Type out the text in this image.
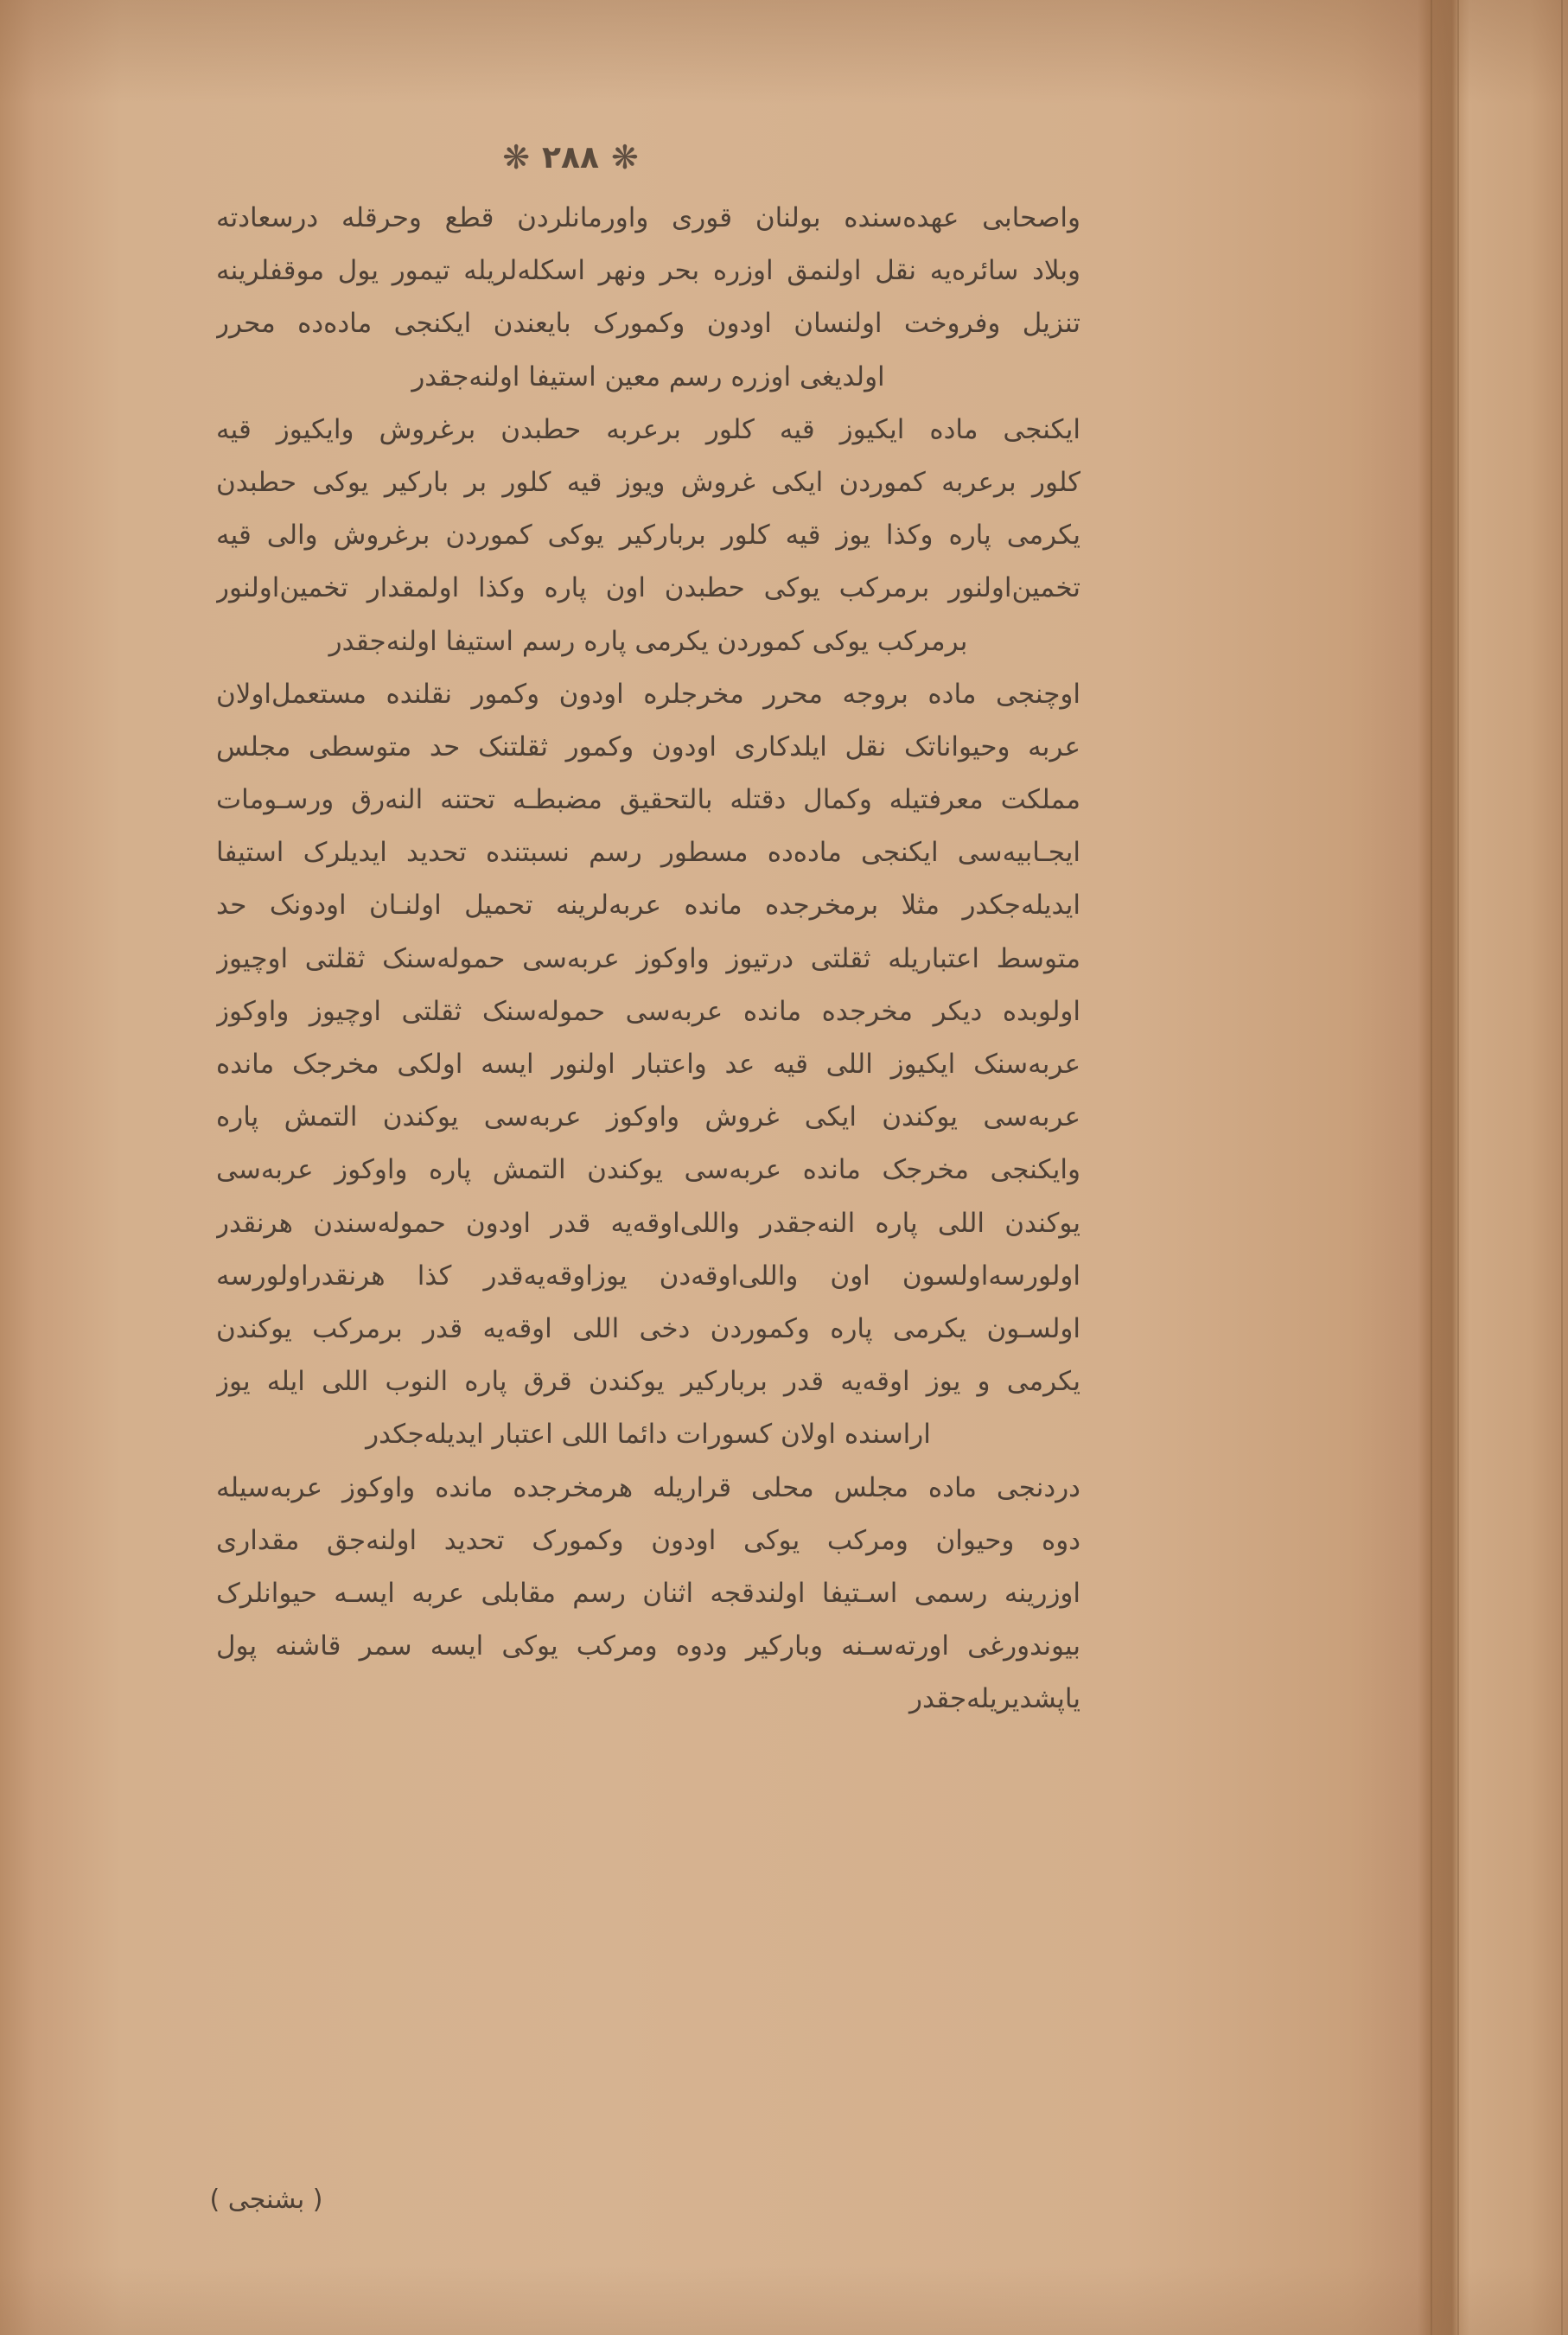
❋ ٢٨٨ ❋
واصحابی عهده‌سنده بولنان قوری واورمانلردن قطع وحرقله درسعادته
وبلاد سائره‌یه نقل اولنمق اوزره بحر ونهر اسکله‌لریله تیمور یول موقفلرینه
تنزیل وفروخت اولنسان اودون وکمورک بایعندن ایکنجی ماده‌ده محرر
اولدیغی اوزره رسم معین استیفا اولنه‌جقدر
ایکنجی ماده ایکیوز قیه کلور برعربه حطبدن برغروش وایکیوز قیه
کلور برعربه کموردن ایکی غروش ویوز قیه کلور بر بارکیر یوکی حطبدن
یکرمی پاره وکذا یوز قیه کلور بربارکیر یوکی کموردن برغروش والی قیه
تخمین‌اولنور برمرکب یوکی حطبدن اون پاره وکذا اولمقدار تخمین‌اولنور
برمرکب یوکی کموردن یکرمی پاره رسم استیفا اولنه‌جقدر
اوچنجی ماده بروجه محرر مخرجلره اودون وکمور نقلنده مستعمل‌اولان
عربه وحیواناتک نقل ایلدکاری اودون وکمور ثقلتنک حد متوسطی مجلس
مملکت معرفتیله وکمال دقتله بالتحقیق مضبطـه تحتنه النه‌رق ورسـومات
ایجـابیه‌سی ایکنجی ماده‌ده مسطور رسم نسبتنده تحدید ایدیلرک استیفا
ایدیله‌جکدر مثلا برمخرجده مانده عربه‌لرینه تحمیل اولنـان اودونک حد
متوسط اعتباریله ثقلتی درتیوز واوکوز عربه‌سی حموله‌سنک ثقلتی اوچیوز
اولوبده دیکر مخرجده مانده عربه‌سی حموله‌سنک ثقلتی اوچیوز واوکوز
عربه‌سنک ایکیوز اللی قیه عد واعتبار اولنور ایسه اولکی مخرجک مانده
عربه‌سی یوکندن ایکی غروش واوکوز عربه‌سی یوکندن التمش پاره
وایکنجی مخرجک مانده عربه‌سی یوکندن التمش پاره واوکوز عربه‌سی
یوکندن اللی پاره النه‌جقدر واللی‌اوقه‌یه قدر اودون حموله‌سندن هرنقدر
اولورسه‌اولسون اون واللی‌اوقه‌دن یوزاوقه‌یه‌قدر کذا هرنقدراولورسه
اولسـون یکرمی پاره وکموردن دخی اللی اوقه‌یه قدر برمرکب یوکندن
یکرمی و یوز اوقه‌یه قدر بربارکیر یوکندن قرق پاره النوب اللی ایله یوز
اراسنده اولان کسورات دائما اللی اعتبار ایدیله‌جکدر
دردنجی ماده مجلس محلی قراریله هرمخرجده مانده واوکوز عربه‌سیله
دوه وحیوان ومرکب یوکی اودون وکمورک تحدید اولنه‌جق مقداری
اوزرینه رسمی اسـتیفا اولندقجه اثنان رسم مقابلی عربه ایسـه حیوانلرک
بیوندورغی اورته‌سـنه وبارکیر ودوه ومرکب یوکی ایسه سمر قاشنه پول
یاپشدیریله‌جقدر
( بشنجی )
